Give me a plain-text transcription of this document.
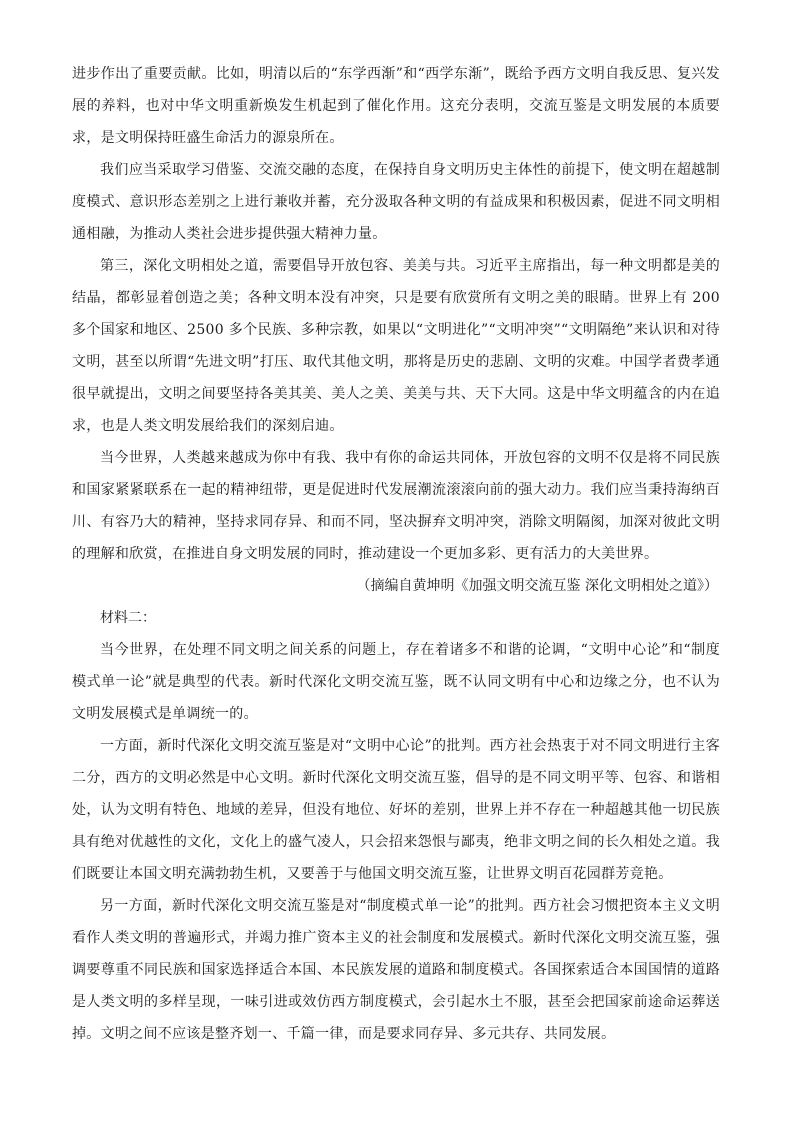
进步作出了重要贡献。比如，明清以后的“东学西渐”和“西学东渐”，既给予西方文明自我反思、复兴发展的养料，也对中华文明重新焕发生机起到了催化作用。这充分表明，交流互鉴是文明发展的本质要求，是文明保持旺盛生命活力的源泉所在。

我们应当采取学习借鉴、交流交融的态度，在保持自身文明历史主体性的前提下，使文明在超越制度模式、意识形态差别之上进行兼收并蓄，充分汲取各种文明的有益成果和积极因素，促进不同文明相通相融，为推动人类社会进步提供强大精神力量。

第三，深化文明相处之道，需要倡导开放包容、美美与共。习近平主席指出，每一种文明都是美的结晶，都彰显着创造之美；各种文明本没有冲突，只是要有欣赏所有文明之美的眼睛。世界上有 200 多个国家和地区、2500 多个民族、多种宗教，如果以“文明进化”“文明冲突”“文明隔绝”来认识和对待文明，甚至以所谓“先进文明”打压、取代其他文明，那将是历史的悲剧、文明的灾难。中国学者费孝通很早就提出，文明之间要坚持各美其美、美人之美、美美与共、天下大同。这是中华文明蕴含的内在追求，也是人类文明发展给我们的深刻启迪。

当今世界，人类越来越成为你中有我、我中有你的命运共同体，开放包容的文明不仅是将不同民族和国家紧紧联系在一起的精神纽带，更是促进时代发展潮流滚滚向前的强大动力。我们应当秉持海纳百川、有容乃大的精神，坚持求同存异、和而不同，坚决摒弃文明冲突，消除文明隔阂，加深对彼此文明的理解和欣赏，在推进自身文明发展的同时，推动建设一个更加多彩、更有活力的大美世界。

（摘编自黄坤明《加强文明交流互鉴 深化文明相处之道》）

材料二：

当今世界，在处理不同文明之间关系的问题上，存在着诸多不和谐的论调，“文明中心论”和“制度模式单一论”就是典型的代表。新时代深化文明交流互鉴，既不认同文明有中心和边缘之分，也不认为文明发展模式是单调统一的。

一方面，新时代深化文明交流互鉴是对“文明中心论”的批判。西方社会热衷于对不同文明进行主客二分，西方的文明必然是中心文明。新时代深化文明交流互鉴，倡导的是不同文明平等、包容、和谐相处，认为文明有特色、地域的差异，但没有地位、好坏的差别，世界上并不存在一种超越其他一切民族具有绝对优越性的文化，文化上的盛气凌人，只会招来怨恨与鄙夷，绝非文明之间的长久相处之道。我们既要让本国文明充满勃勃生机，又要善于与他国文明交流互鉴，让世界文明百花园群芳竞艳。

另一方面，新时代深化文明交流互鉴是对“制度模式单一论”的批判。西方社会习惯把资本主义文明看作人类文明的普遍形式，并竭力推广资本主义的社会制度和发展模式。新时代深化文明交流互鉴，强调要尊重不同民族和国家选择适合本国、本民族发展的道路和制度模式。各国探索适合本国国情的道路是人类文明的多样呈现，一味引进或效仿西方制度模式，会引起水土不服，甚至会把国家前途命运葬送掉。文明之间不应该是整齐划一、千篇一律，而是要求同存异、多元共存、共同发展。
